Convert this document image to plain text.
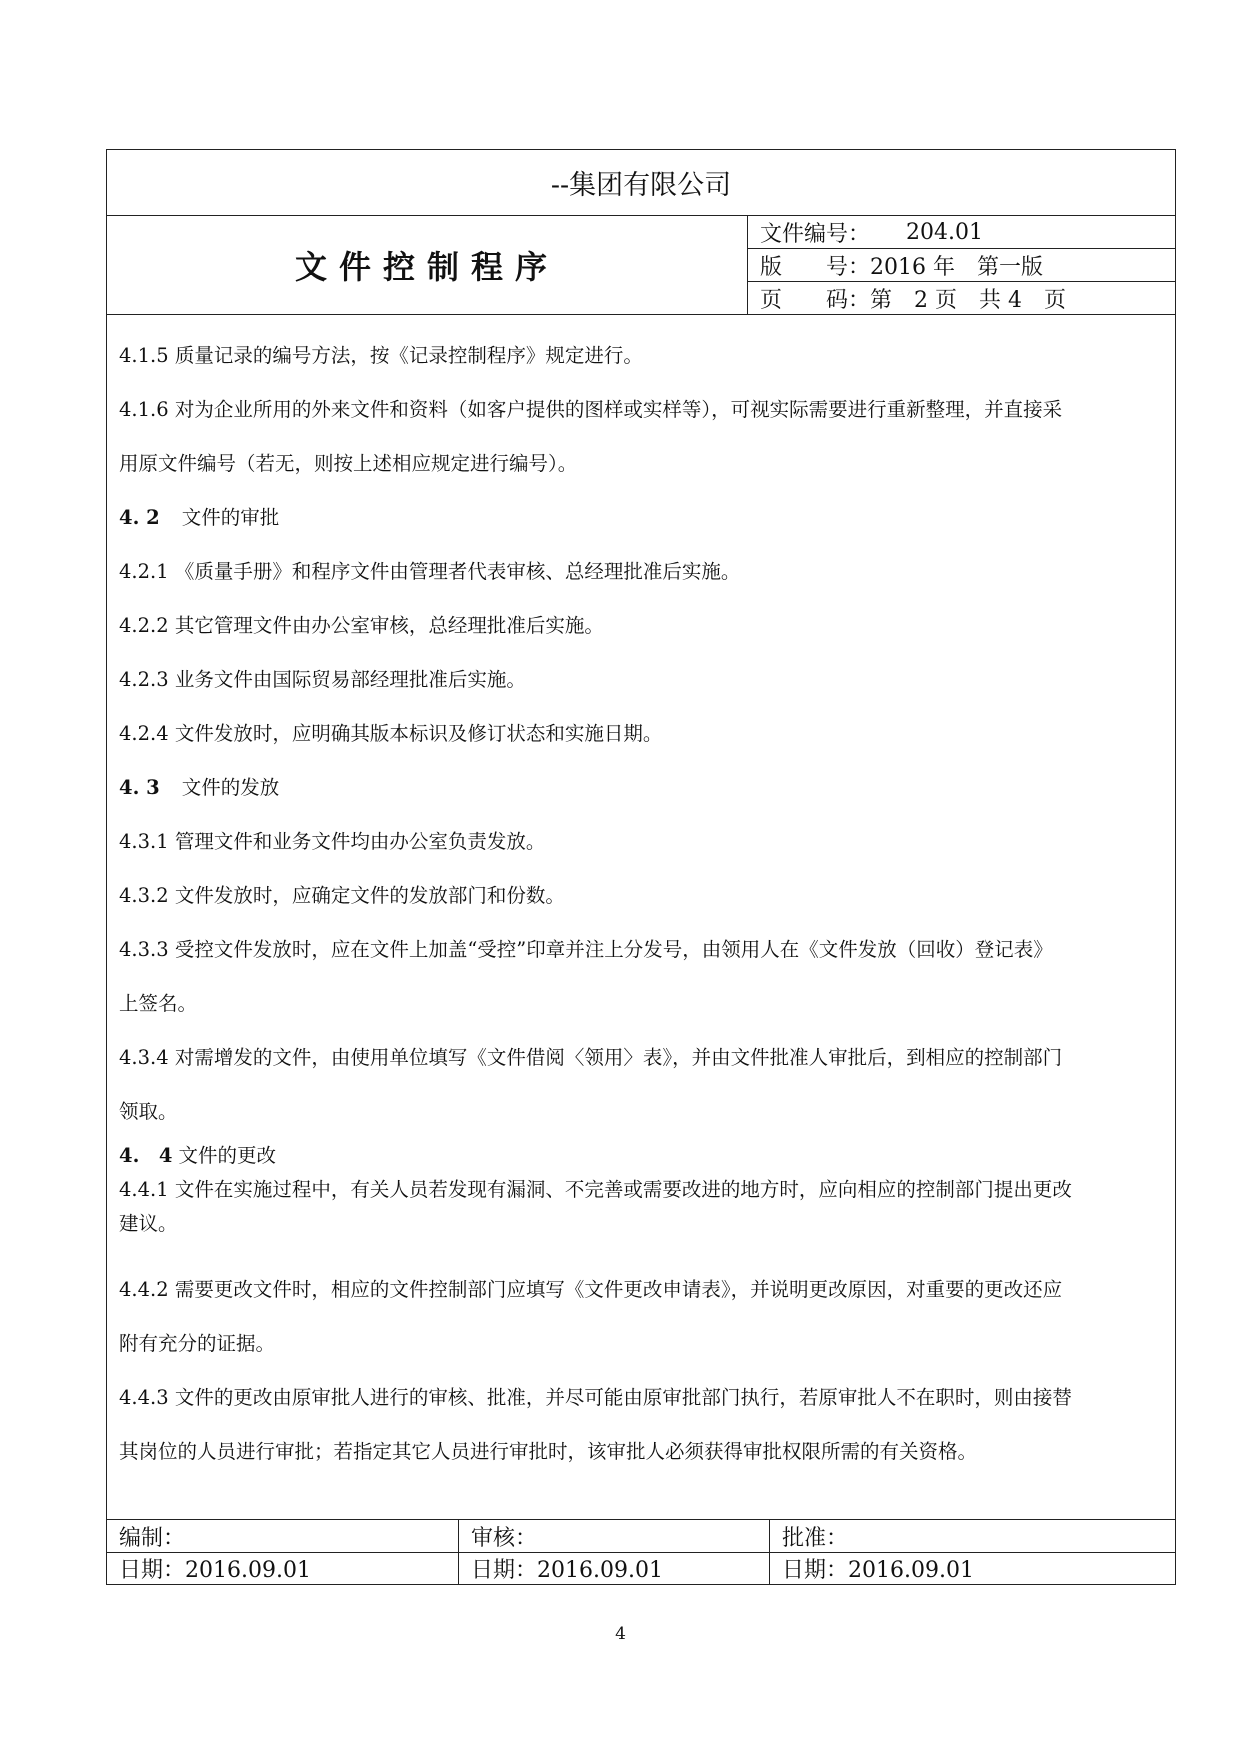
--集团有限公司
文件控制程序
文件编号： 204.01
版　　号： 2016 年　第一版
页　　码： 第　2 页　共 4　页

4.1.5 质量记录的编号方法，按《记录控制程序》规定进行。

4.1.6 对为企业所用的外来文件和资料（如客户提供的图样或实样等），可视实际需要进行重新整理，并直接采

用原文件编号（若无，则按上述相应规定进行编号）。

4. 2 文件的审批

4.2.1 《质量手册》和程序文件由管理者代表审核、总经理批准后实施。

4.2.2 其它管理文件由办公室审核，总经理批准后实施。

4.2.3 业务文件由国际贸易部经理批准后实施。

4.2.4 文件发放时，应明确其版本标识及修订状态和实施日期。

4. 3 文件的发放

4.3.1 管理文件和业务文件均由办公室负责发放。

4.3.2 文件发放时，应确定文件的发放部门和份数。

4.3.3 受控文件发放时，应在文件上加盖“受控”印章并注上分发号，由领用人在《文件发放（回收）登记表》

上签名。

4.3.4 对需增发的文件，由使用单位填写《文件借阅〈领用〉表》，并由文件批准人审批后，到相应的控制部门

领取。

4.　4 文件的更改

4.4.1 文件在实施过程中，有关人员若发现有漏洞、不完善或需要改进的地方时，应向相应的控制部门提出更改

建议。

4.4.2 需要更改文件时，相应的文件控制部门应填写《文件更改申请表》，并说明更改原因，对重要的更改还应

附有充分的证据。

4.4.3 文件的更改由原审批人进行的审核、批准，并尽可能由原审批部门执行，若原审批人不在职时，则由接替

其岗位的人员进行审批；若指定其它人员进行审批时，该审批人必须获得审批权限所需的有关资格。

编制：
日期：2016.09.01
审核：
日期：2016.09.01
批准：
日期：2016.09.01
4
